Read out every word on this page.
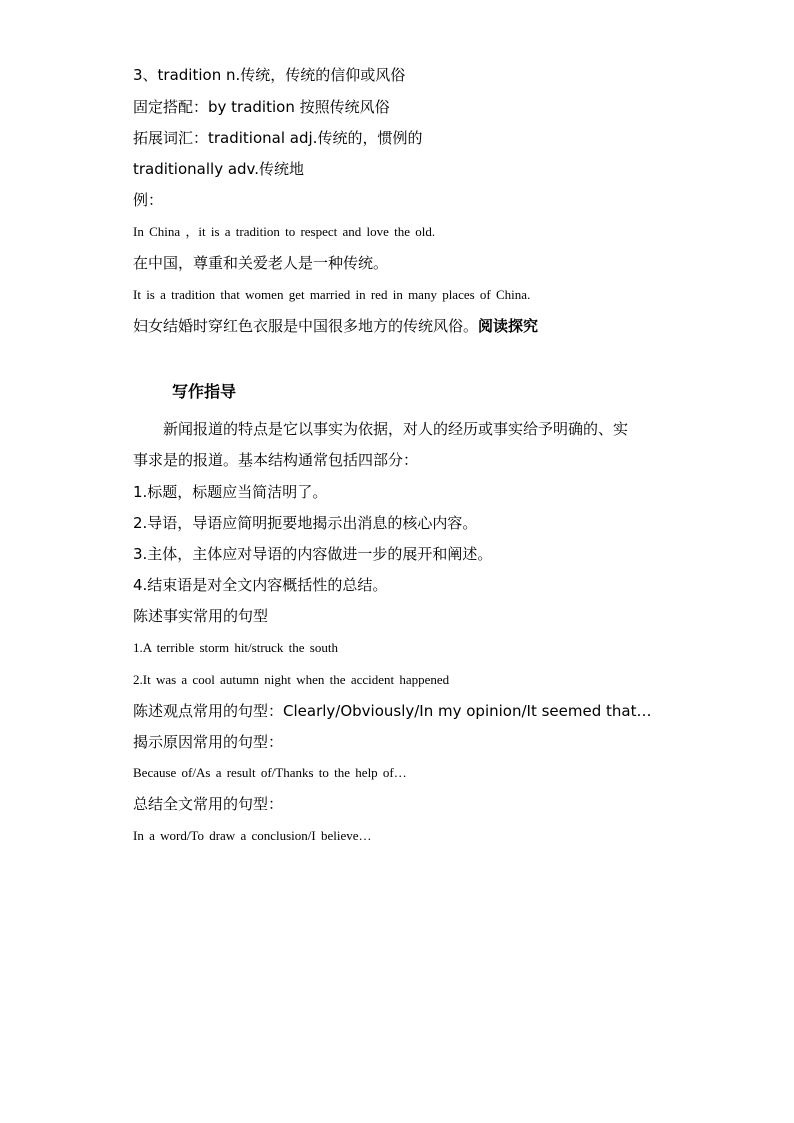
3、tradition n.传统，传统的信仰或风俗
固定搭配：by tradition 按照传统风俗
拓展词汇：traditional adj.传统的，惯例的
traditionally adv.传统地
例：
In China ，it is a tradition to respect and love the old.
在中国，尊重和关爱老人是一种传统。
It is a tradition that women get married in red in many places of China.
妇女结婚时穿红色衣服是中国很多地方的传统风俗。阅读探究
写作指导
新闻报道的特点是它以事实为依据，对人的经历或事实给予明确的、实
事求是的报道。基本结构通常包括四部分：
1.标题，标题应当简洁明了。
2.导语，导语应简明扼要地揭示出消息的核心内容。
3.主体，主体应对导语的内容做进一步的展开和阐述。
4.结束语是对全文内容概括性的总结。
陈述事实常用的句型
1.A terrible storm hit/struck the south
2.It was a cool autumn night when the accident happened
陈述观点常用的句型：Clearly/Obviously/In my opinion/It seemed that…
揭示原因常用的句型：
Because of/As a result of/Thanks to the help of…
总结全文常用的句型：
In a word/To draw a conclusion/I believe…
